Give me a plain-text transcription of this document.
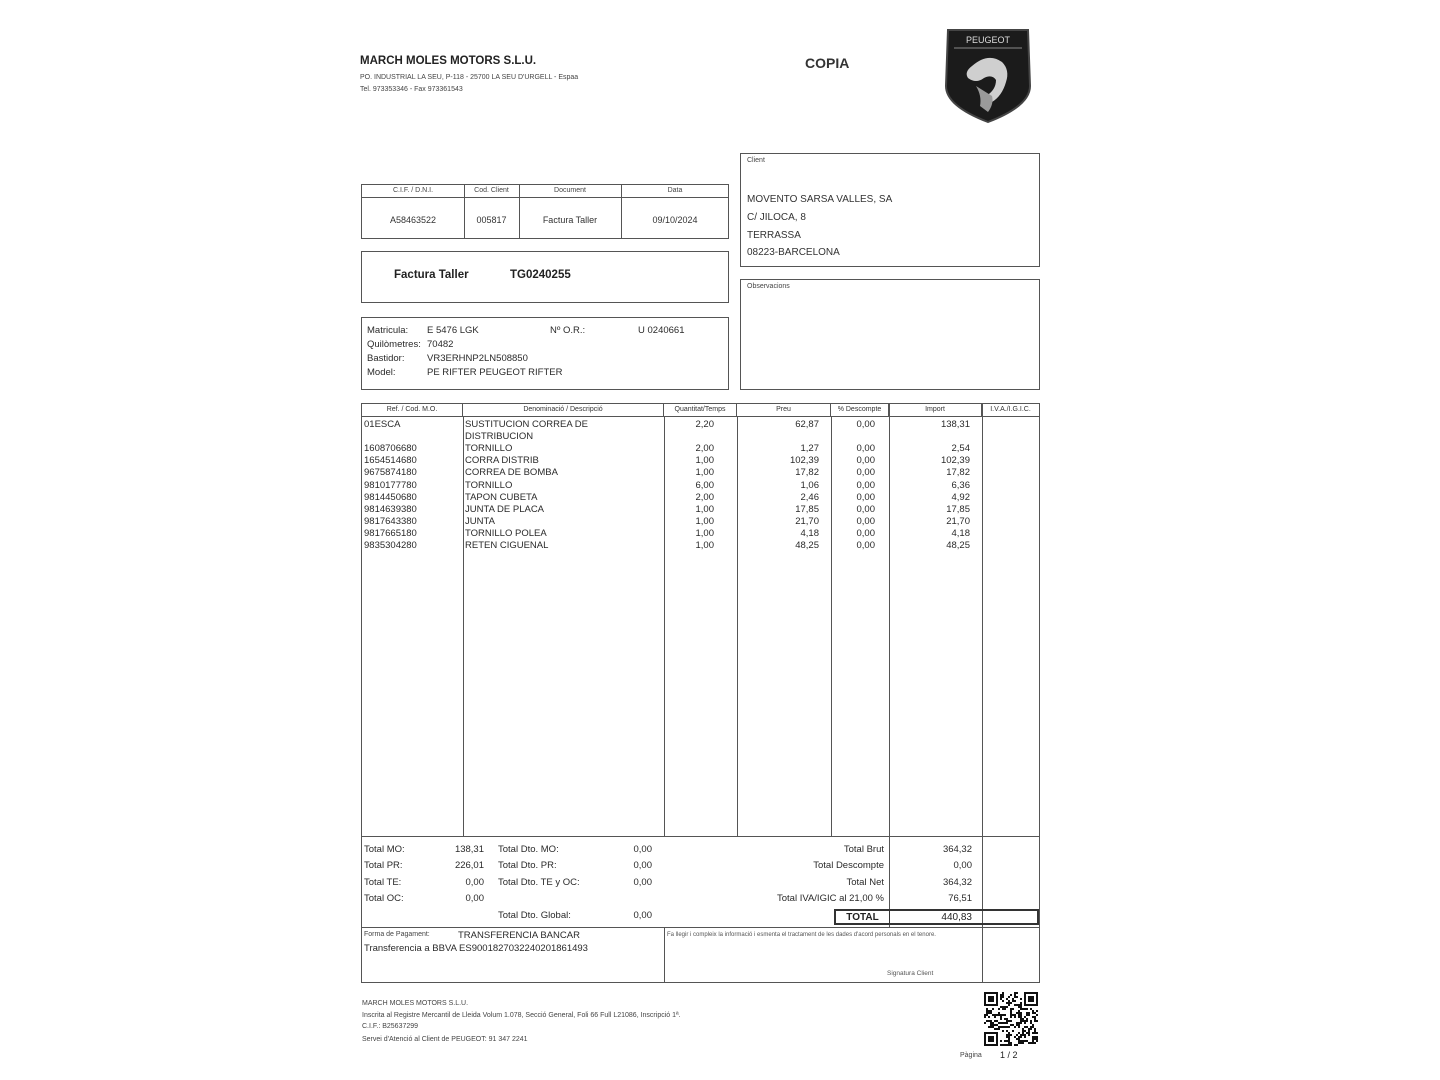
MARCH MOLES MOTORS S.L.U.
PO. INDUSTRIAL LA SEU, P-118 - 25700 LA SEU D'URGELL - Espaa
Tel. 973353346 - Fax 973361543
COPIA
PEUGEOT
C.I.F. / D.N.I.	Cod. Client	Document	Data
A58463522	005817	Factura Taller	09/10/2024
Client
MOVENTO SARSA VALLES, SA
C/ JILOCA, 8
TERRASSA
08223-BARCELONA
Factura Taller	TG0240255
Observacions
Matricula: E 5476 LGK	Nº O.R.:	U 0240661
Quilòmetres: 70482
Bastidor: VR3ERHNP2LN508850
Model:	PE RIFTER PEUGEOT RIFTER
Ref. / Cod. M.O.	Denominació / Descripció	Quantitat/Temps	Preu	% Descompte	Import	I.V.A./I.G.I.C.
01ESCA	SUSTITUCION CORREA DE	2,20	62,87	0,00	138,31
DISTRIBUCION
1608706680	TORNILLO	2,00	1,27	0,00	2,54
1654514680	CORRA DISTRIB	1,00	102,39	0,00	102,39
9675874180	CORREA DE BOMBA	1,00	17,82	0,00	17,82
9810177780	TORNILLO	6,00	1,06	0,00	6,36
9814450680	TAPON CUBETA	2,00	2,46	0,00	4,92
9814639380	JUNTA DE PLACA	1,00	17,85	0,00	17,85
9817643380	JUNTA	1,00	21,70	0,00	21,70
9817665180	TORNILLO POLEA	1,00	4,18	0,00	4,18
9835304280	RETEN CIGUENAL	1,00	48,25	0,00	48,25
Total MO:	138,31
Total PR:	226,01
Total TE:	0,00
Total OC:	0,00
Total Dto. MO:	0,00
Total Dto. PR:	0,00
Total Dto. TE y OC:	0,00
Total Dto. Global:	0,00
Total Brut	364,32
Total Descompte	0,00
Total Net	364,32
Total IVA/IGIC al 21,00 %	76,51
TOTAL	440,83
Forma de Pagament:	TRANSFERENCIA BANCAR
Transferencia a BBVA ES9001827032240201861493
Fa llegir i compleix la informació i esmenta el tractament de les dades d'acord personals en el tenore.
Signatura Client
MARCH MOLES MOTORS S.L.U.
Inscrita al Registre Mercantil de Lleida Volum 1.078, Secció General, Foli 66 Full L21086, Inscripció 1ª.
C.I.F.: B25637299
Servei d'Atenció al Client de PEUGEOT: 91 347 2241
Pàgina 1 / 2
